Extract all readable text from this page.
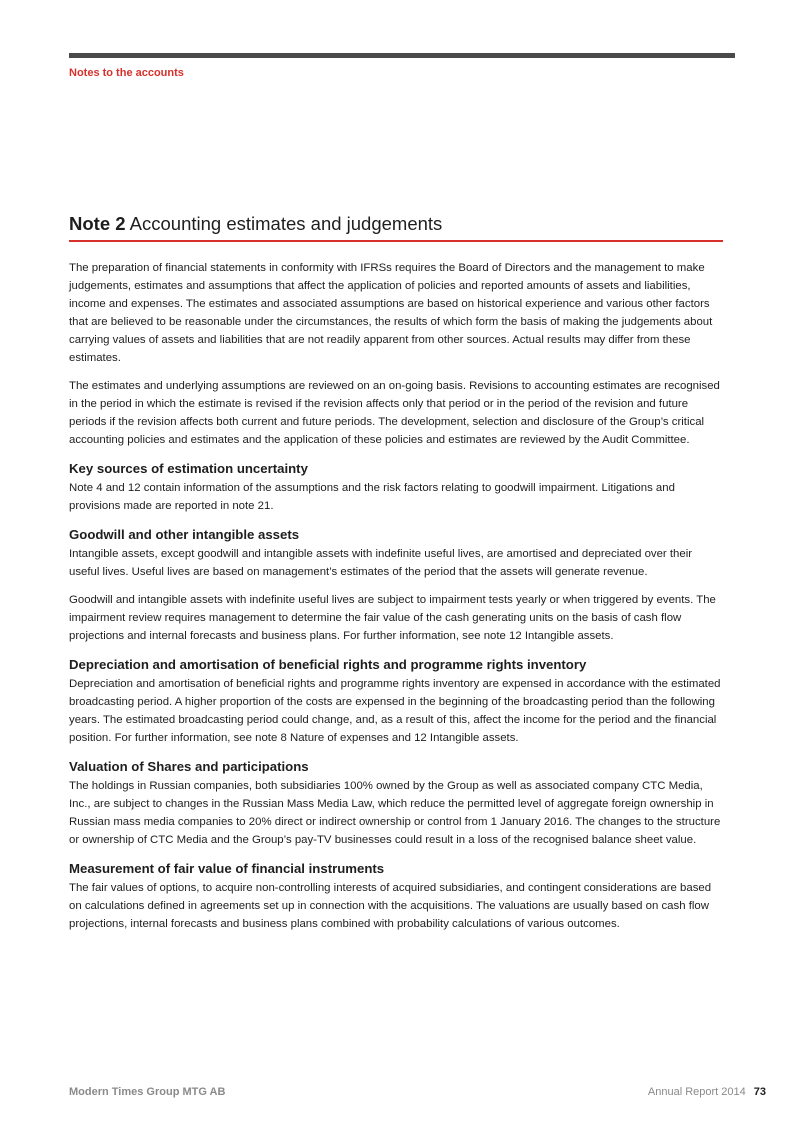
Notes to the accounts
Note 2 Accounting estimates and judgements

The preparation of financial statements in conformity with IFRSs requires the Board of Directors and the management to make judgements, estimates and assumptions that affect the application of policies and reported amounts of assets and liabilities, income and expenses. The estimates and associated assumptions are based on historical experience and various other factors that are believed to be reasonable under the circumstances, the results of which form the basis of making the judgements about carrying values of assets and liabilities that are not readily apparent from other sources. Actual results may differ from these estimates.

The estimates and underlying assumptions are reviewed on an on-going basis. Revisions to accounting estimates are recognised in the period in which the estimate is revised if the revision affects only that period or in the period of the revision and future periods if the revision affects both current and future periods. The development, selection and disclosure of the Group’s critical accounting policies and estimates and the application of these policies and estimates are reviewed by the Audit Committee.

Key sources of estimation uncertainty

Note 4 and 12 contain information of the assumptions and the risk factors relating to goodwill impairment. Litigations and provisions made are reported in note 21.

Goodwill and other intangible assets

Intangible assets, except goodwill and intangible assets with indefinite useful lives, are amortised and depreciated over their useful lives. Useful lives are based on management’s estimates of the period that the assets will generate revenue.

Goodwill and intangible assets with indefinite useful lives are subject to impairment tests yearly or when triggered by events. The impairment review requires management to determine the fair value of the cash generating units on the basis of cash flow projections and internal forecasts and business plans. For further information, see note 12 Intangible assets.

Depreciation and amortisation of beneficial rights and programme rights inventory

Depreciation and amortisation of beneficial rights and programme rights inventory are expensed in accordance with the estimated broadcasting period. A higher proportion of the costs are expensed in the beginning of the broadcasting period than the following years. The estimated broadcasting period could change, and, as a result of this, affect the income for the period and the financial position. For further information, see note 8 Nature of expenses and 12 Intangible assets.

Valuation of Shares and participations

The holdings in Russian companies, both subsidiaries 100% owned by the Group as well as associated company CTC Media, Inc., are subject to changes in the Russian Mass Media Law, which reduce the permitted level of aggregate foreign ownership in Russian mass media companies to 20% direct or indirect ownership or control from 1 January 2016. The changes to the structure or ownership of CTC Media and the Group’s pay-TV businesses could result in a loss of the recognised balance sheet value.

Measurement of fair value of financial instruments

The fair values of options, to acquire non-controlling interests of acquired subsidiaries, and contingent considerations are based on calculations defined in agreements set up in connection with the acquisitions. The valuations are usually based on cash flow projections, internal forecasts and business plans combined with probability calculations of various outcomes.

Modern Times Group MTG AB	Annual Report 2014 73
